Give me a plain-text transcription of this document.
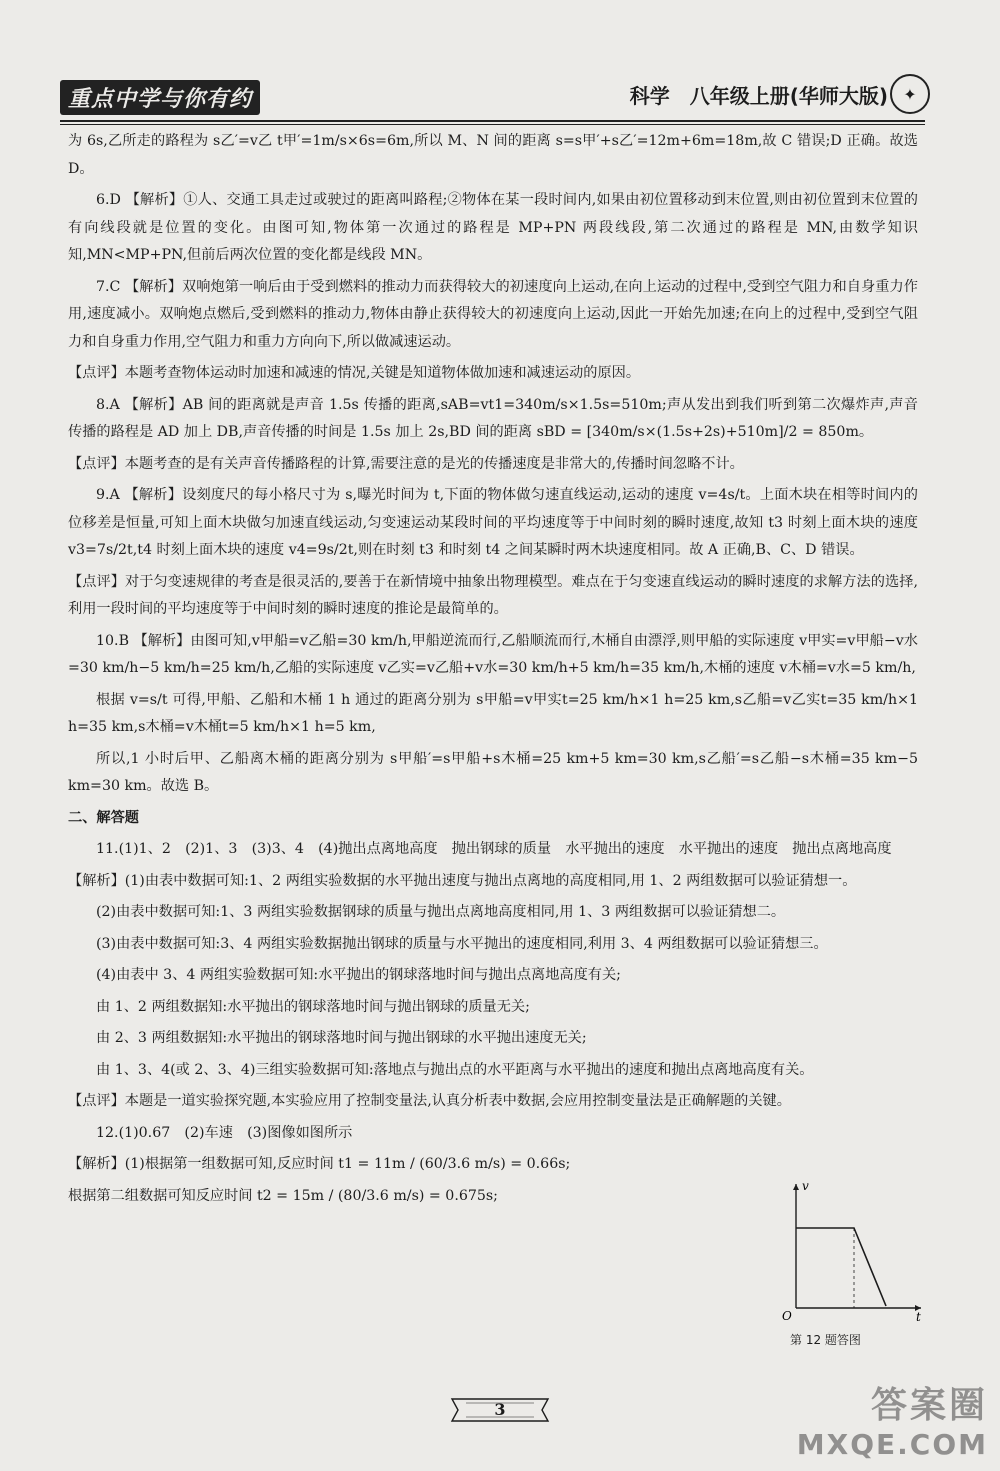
重点中学与你有约	科学　八年级上册(华师大版) ✦

为 6s,乙所走的路程为 s乙′=v乙 t甲′=1m/s×6s=6m,所以 M、N 间的距离 s=s甲′+s乙′=12m+6m=18m,故 C 错误;D 正确。故选 D。

6.D 【解析】①人、交通工具走过或驶过的距离叫路程;②物体在某一段时间内,如果由初位置移动到末位置,则由初位置到末位置的有向线段就是位置的变化。由图可知,物体第一次通过的路程是 MP+PN 两段线段,第二次通过的路程是 MN,由数学知识知,MN<MP+PN,但前后两次位置的变化都是线段 MN。

7.C 【解析】双响炮第一响后由于受到燃料的推动力而获得较大的初速度向上运动,在向上运动的过程中,受到空气阻力和自身重力作用,速度减小。双响炮点燃后,受到燃料的推动力,物体由静止获得较大的初速度向上运动,因此一开始先加速;在向上的过程中,受到空气阻力和自身重力作用,空气阻力和重力方向向下,所以做减速运动。

【点评】本题考查物体运动时加速和减速的情况,关键是知道物体做加速和减速运动的原因。

8.A 【解析】AB 间的距离就是声音 1.5s 传播的距离,sAB=vt1=340m/s×1.5s=510m;声从发出到我们听到第二次爆炸声,声音传播的路程是 AD 加上 DB,声音传播的时间是 1.5s 加上 2s,BD 间的距离 sBD = [340m/s×(1.5s+2s)+510m]/2 = 850m。

【点评】本题考查的是有关声音传播路程的计算,需要注意的是光的传播速度是非常大的,传播时间忽略不计。

9.A 【解析】设刻度尺的每小格尺寸为 s,曝光时间为 t,下面的物体做匀速直线运动,运动的速度 v=4s/t。上面木块在相等时间内的位移差是恒量,可知上面木块做匀加速直线运动,匀变速运动某段时间的平均速度等于中间时刻的瞬时速度,故知 t3 时刻上面木块的速度 v3=7s/2t,t4 时刻上面木块的速度 v4=9s/2t,则在时刻 t3 和时刻 t4 之间某瞬时两木块速度相同。故 A 正确,B、C、D 错误。

【点评】对于匀变速规律的考查是很灵活的,要善于在新情境中抽象出物理模型。难点在于匀变速直线运动的瞬时速度的求解方法的选择,利用一段时间的平均速度等于中间时刻的瞬时速度的推论是最简单的。

10.B 【解析】由图可知,v甲船=v乙船=30 km/h,甲船逆流而行,乙船顺流而行,木桶自由漂浮,则甲船的实际速度 v甲实=v甲船−v水=30 km/h−5 km/h=25 km/h,乙船的实际速度 v乙实=v乙船+v水=30 km/h+5 km/h=35 km/h,木桶的速度 v木桶=v水=5 km/h,

根据 v=s/t 可得,甲船、乙船和木桶 1 h 通过的距离分别为 s甲船=v甲实t=25 km/h×1 h=25 km,s乙船=v乙实t=35 km/h×1 h=35 km,s木桶=v木桶t=5 km/h×1 h=5 km,

所以,1 小时后甲、乙船离木桶的距离分别为 s甲船′=s甲船+s木桶=25 km+5 km=30 km,s乙船′=s乙船−s木桶=35 km−5 km=30 km。故选 B。

二、解答题

11.(1)1、2　(2)1、3　(3)3、4　(4)抛出点离地高度　抛出钢球的质量　水平抛出的速度　水平抛出的速度　抛出点离地高度

【解析】(1)由表中数据可知:1、2 两组实验数据的水平抛出速度与抛出点离地的高度相同,用 1、2 两组数据可以验证猜想一。

(2)由表中数据可知:1、3 两组实验数据钢球的质量与抛出点离地高度相同,用 1、3 两组数据可以验证猜想二。

(3)由表中数据可知:3、4 两组实验数据抛出钢球的质量与水平抛出的速度相同,利用 3、4 两组数据可以验证猜想三。

(4)由表中 3、4 两组实验数据可知:水平抛出的钢球落地时间与抛出点离地高度有关;

由 1、2 两组数据知:水平抛出的钢球落地时间与抛出钢球的质量无关;

由 2、3 两组数据知:水平抛出的钢球落地时间与抛出钢球的水平抛出速度无关;

由 1、3、4(或 2、3、4)三组实验数据可知:落地点与抛出点的水平距离与水平抛出的速度和抛出点离地高度有关。

【点评】本题是一道实验探究题,本实验应用了控制变量法,认真分析表中数据,会应用控制变量法是正确解题的关键。

12.(1)0.67　(2)车速　(3)图像如图所示

【解析】(1)根据第一组数据可知,反应时间 t1 = 11m / (60/3.6 m/s) = 0.66s;

根据第二组数据可知反应时间 t2 = 15m / (80/3.6 m/s) = 0.675s;

v
t
O
第 12 题答图
3	答案圈
MXQE.COM
